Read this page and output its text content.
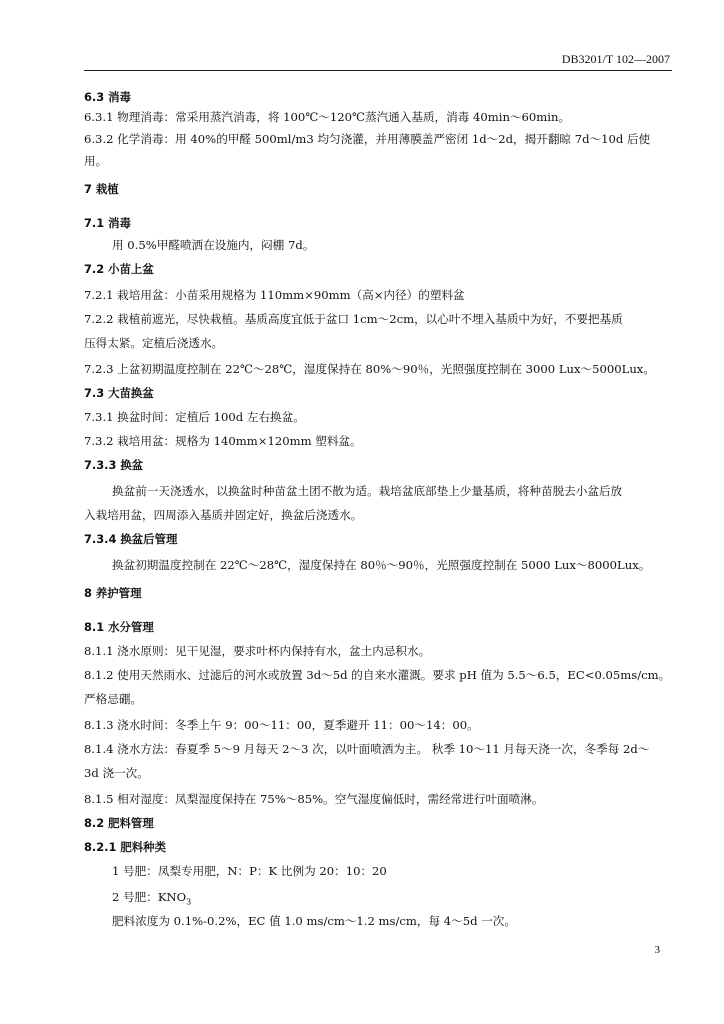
DB3201/T 102—2007
6.3 消毒
6.3.1 物理消毒：常采用蒸汽消毒，将 100℃～120℃蒸汽通入基质，消毒 40min～60min。
6.3.2 化学消毒：用 40%的甲醛 500ml/m3 均匀浇灌，并用薄膜盖严密闭 1d～2d，揭开翻晾 7d～10d 后使
用。
7 栽植
7.1 消毒
用 0.5%甲醛喷洒在设施内，闷棚 7d。
7.2 小苗上盆
7.2.1 栽培用盆：小苗采用规格为 110mm×90mm（高×内径）的塑料盆
7.2.2 栽植前遮光，尽快栽植。基质高度宜低于盆口 1cm～2cm，以心叶不埋入基质中为好，不要把基质
压得太紧。定植后浇透水。
7.2.3 上盆初期温度控制在 22℃～28℃，湿度保持在 80%～90％，光照强度控制在 3000 Lux～5000Lux。
7.3 大苗换盆
7.3.1 换盆时间：定植后 100d 左右换盆。
7.3.2 栽培用盆：规格为 140mm×120mm 塑料盆。
7.3.3 换盆
换盆前一天浇透水，以换盆时种苗盆土团不散为适。栽培盆底部垫上少量基质，将种苗脱去小盆后放
入栽培用盆，四周添入基质并固定好，换盆后浇透水。
7.3.4 换盆后管理
换盆初期温度控制在 22℃～28℃，湿度保持在 80％～90％，光照强度控制在 5000 Lux～8000Lux。
8 养护管理
8.1 水分管理
8.1.1 浇水原则：见干见湿，要求叶杯内保持有水，盆土内忌积水。
8.1.2 使用天然雨水、过滤后的河水或放置 3d～5d 的自来水灌溉。要求 pH 值为 5.5～6.5，EC<0.05ms/cm。
严格忌硼。
8.1.3 浇水时间：冬季上午 9：00～11：00，夏季避开 11：00～14：00。
8.1.4 浇水方法：春夏季 5～9 月每天 2～3 次，以叶面喷洒为主。 秋季 10～11 月每天浇一次，冬季每 2d～
3d 浇一次。
8.1.5 相对湿度：凤梨湿度保持在 75%～85%。空气湿度偏低时，需经常进行叶面喷淋。
8.2 肥料管理
8.2.1 肥料种类
1 号肥：凤梨专用肥，N：P：K 比例为 20：10：20
2 号肥：$KNO_3$
肥料浓度为 0.1%-0.2%，EC 值 1.0 ms/cm～1.2 ms/cm，每 4～5d 一次。
3
